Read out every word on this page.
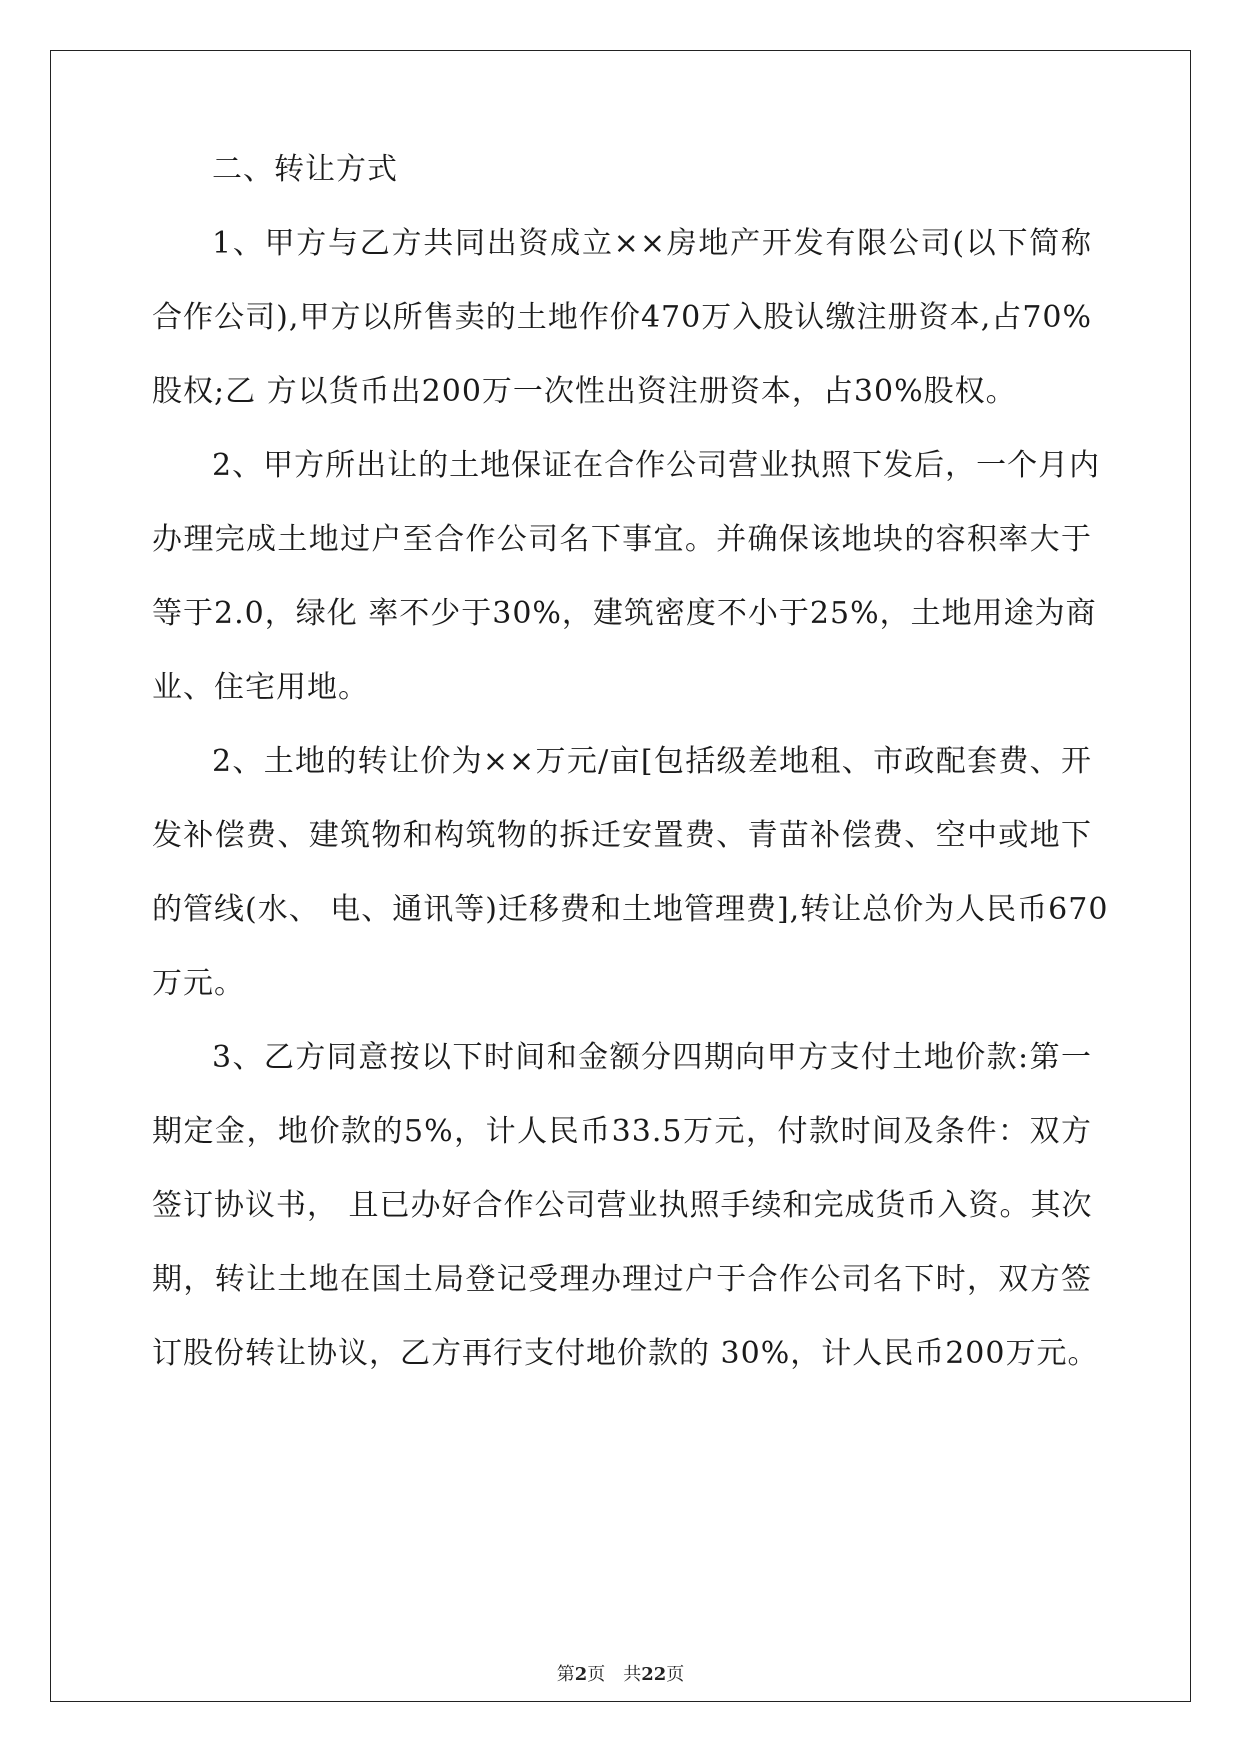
二、转让方式
1、甲方与乙方共同出资成立××房地产开发有限公司(以下简称
合作公司),甲方以所售卖的土地作价470万入股认缴注册资本,占70%
股权;乙 方以货币出200万一次性出资注册资本，占30%股权。
2、甲方所出让的土地保证在合作公司营业执照下发后，一个月内
办理完成土地过户至合作公司名下事宜。并确保该地块的容积率大于
等于2.0，绿化 率不少于30%，建筑密度不小于25%，土地用途为商
业、住宅用地。
2、土地的转让价为××万元/亩[包括级差地租、市政配套费、开
发补偿费、建筑物和构筑物的拆迁安置费、青苗补偿费、空中或地下
的管线(水、 电、通讯等)迁移费和土地管理费],转让总价为人民币670
万元。
3、乙方同意按以下时间和金额分四期向甲方支付土地价款:第一
期定金，地价款的5%，计人民币33.5万元，付款时间及条件：双方
签订协议书， 且已办好合作公司营业执照手续和完成货币入资。其次
期，转让土地在国土局登记受理办理过户于合作公司名下时，双方签
订股份转让协议，乙方再行支付地价款的 30%，计人民币200万元。
第2页 共22页
